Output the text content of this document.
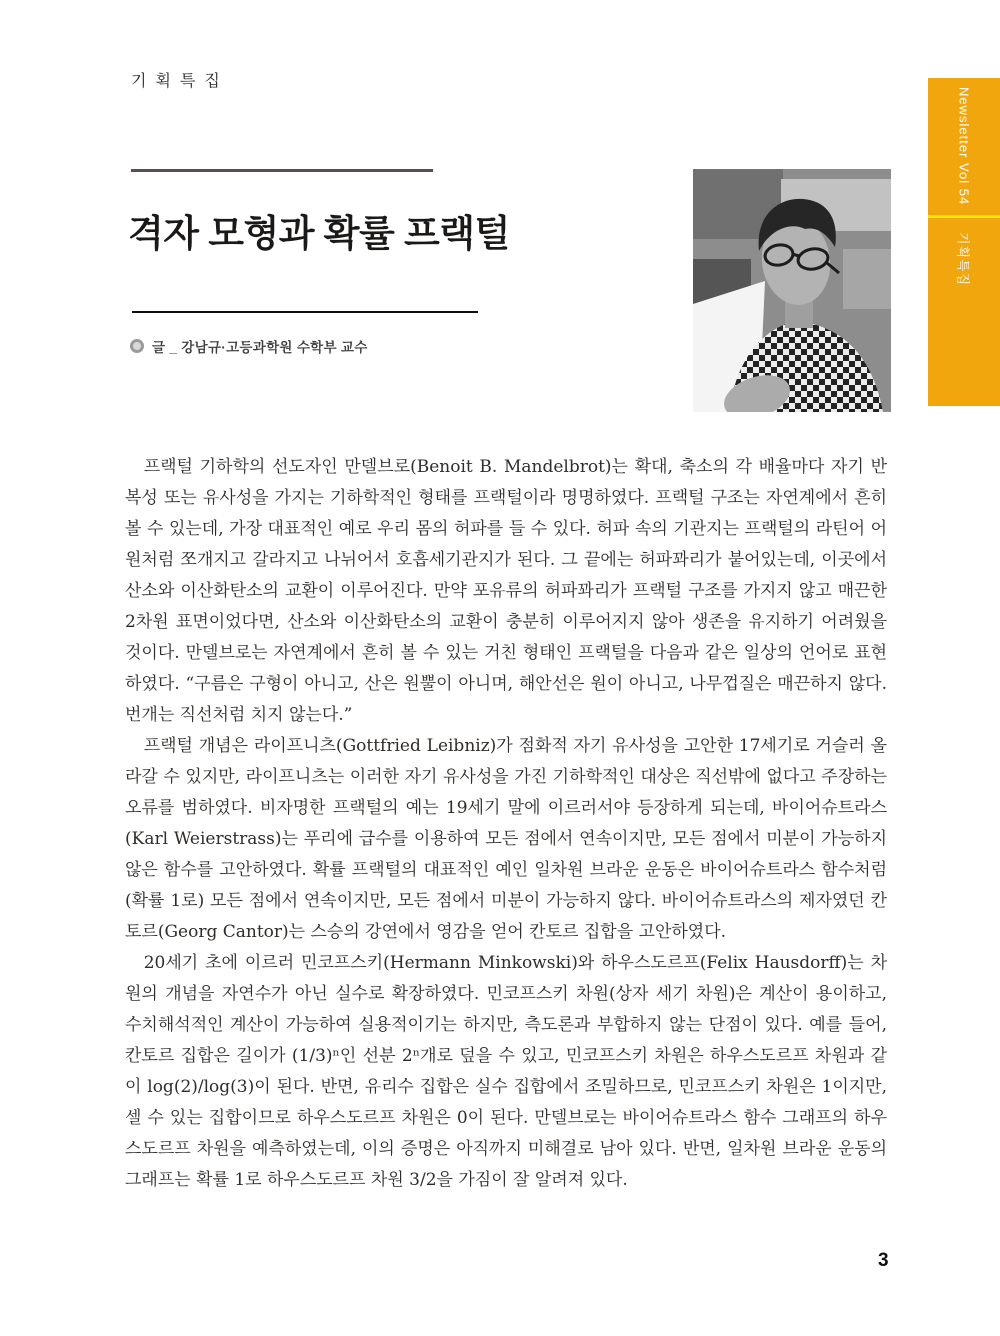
기획특집
Newsletter Vol 54
기획특집
격자 모형과 확률 프랙털
글 _ 강남규·고등과학원 수학부 교수

프랙털 기하학의 선도자인 만델브로(Benoit B. Mandelbrot)는 확대, 축소의 각 배율마다 자기 반복성 또는 유사성을 가지는 기하학적인 형태를 프랙털이라 명명하였다. 프랙털 구조는 자연계에서 흔히 볼 수 있는데, 가장 대표적인 예로 우리 몸의 허파를 들 수 있다. 허파 속의 기관지는 프랙털의 라틴어 어원처럼 쪼개지고 갈라지고 나뉘어서 호흡세기관지가 된다. 그 끝에는 허파꽈리가 붙어있는데, 이곳에서 산소와 이산화탄소의 교환이 이루어진다. 만약 포유류의 허파꽈리가 프랙털 구조를 가지지 않고 매끈한 2차원 표면이었다면, 산소와 이산화탄소의 교환이 충분히 이루어지지 않아 생존을 유지하기 어려웠을 것이다. 만델브로는 자연계에서 흔히 볼 수 있는 거친 형태인 프랙털을 다음과 같은 일상의 언어로 표현하였다. “구름은 구형이 아니고, 산은 원뿔이 아니며, 해안선은 원이 아니고, 나무껍질은 매끈하지 않다. 번개는 직선처럼 치지 않는다.”

프랙털 개념은 라이프니츠(Gottfried Leibniz)가 점화적 자기 유사성을 고안한 17세기로 거슬러 올라갈 수 있지만, 라이프니츠는 이러한 자기 유사성을 가진 기하학적인 대상은 직선밖에 없다고 주장하는 오류를 범하였다. 비자명한 프랙털의 예는 19세기 말에 이르러서야 등장하게 되는데, 바이어슈트라스(Karl Weierstrass)는 푸리에 급수를 이용하여 모든 점에서 연속이지만, 모든 점에서 미분이 가능하지 않은 함수를 고안하였다. 확률 프랙털의 대표적인 예인 일차원 브라운 운동은 바이어슈트라스 함수처럼 (확률 1로) 모든 점에서 연속이지만, 모든 점에서 미분이 가능하지 않다. 바이어슈트라스의 제자였던 칸토르(Georg Cantor)는 스승의 강연에서 영감을 얻어 칸토르 집합을 고안하였다.

20세기 초에 이르러 민코프스키(Hermann Minkowski)와 하우스도르프(Felix Hausdorff)는 차원의 개념을 자연수가 아닌 실수로 확장하였다. 민코프스키 차원(상자 세기 차원)은 계산이 용이하고, 수치해석적인 계산이 가능하여 실용적이기는 하지만, 측도론과 부합하지 않는 단점이 있다. 예를 들어, 칸토르 집합은 길이가 (1/3)ⁿ인 선분 2ⁿ개로 덮을 수 있고, 민코프스키 차원은 하우스도르프 차원과 같이 log(2)/log(3)이 된다. 반면, 유리수 집합은 실수 집합에서 조밀하므로, 민코프스키 차원은 1이지만, 셀 수 있는 집합이므로 하우스도르프 차원은 0이 된다. 만델브로는 바이어슈트라스 함수 그래프의 하우스도르프 차원을 예측하였는데, 이의 증명은 아직까지 미해결로 남아 있다. 반면, 일차원 브라운 운동의 그래프는 확률 1로 하우스도르프 차원 3/2을 가짐이 잘 알려져 있다.

3
